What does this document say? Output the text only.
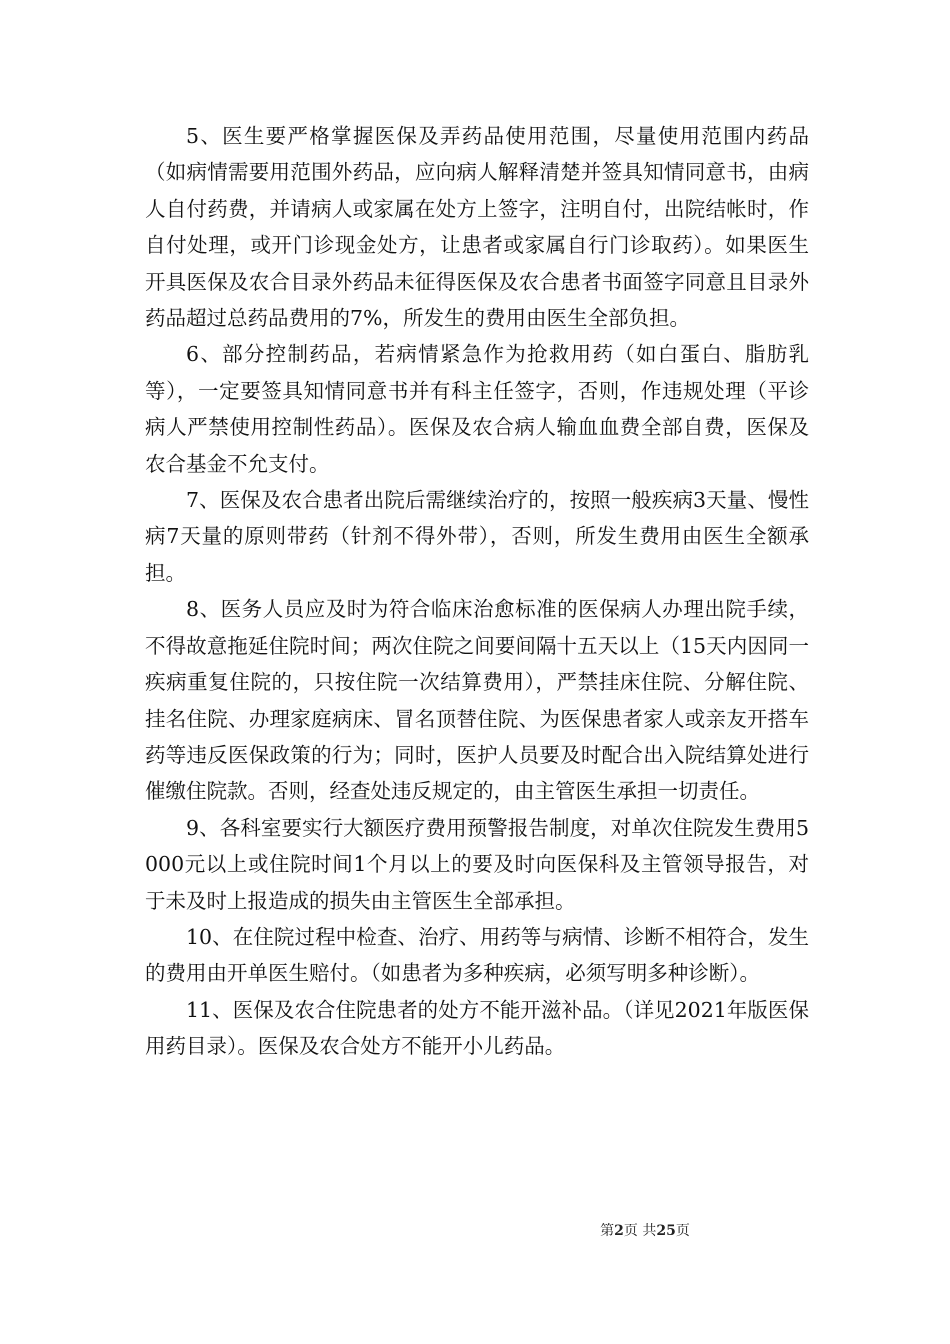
5、医生要严格掌握医保及弄药品使用范围，尽量使用范围内药品（如病情需要用范围外药品，应向病人解释清楚并签具知情同意书，由病人自付药费，并请病人或家属在处方上签字，注明自付，出院结帐时，作自付处理，或开门诊现金处方，让患者或家属自行门诊取药）。如果医生开具医保及农合目录外药品未征得医保及农合患者书面签字同意且目录外药品超过总药品费用的7%，所发生的费用由医生全部负担。

6、部分控制药品，若病情紧急作为抢救用药（如白蛋白、脂肪乳等），一定要签具知情同意书并有科主任签字，否则，作违规处理（平诊病人严禁使用控制性药品）。医保及农合病人输血血费全部自费，医保及农合基金不允支付。

7、医保及农合患者出院后需继续治疗的，按照一般疾病3天量、慢性病7天量的原则带药（针剂不得外带），否则，所发生费用由医生全额承担。

8、医务人员应及时为符合临床治愈标准的医保病人办理出院手续，不得故意拖延住院时间；两次住院之间要间隔十五天以上（15天内因同一疾病重复住院的，只按住院一次结算费用），严禁挂床住院、分解住院、挂名住院、办理家庭病床、冒名顶替住院、为医保患者家人或亲友开搭车药等违反医保政策的行为；同时，医护人员要及时配合出入院结算处进行催缴住院款。否则，经查处违反规定的，由主管医生承担一切责任。

9、各科室要实行大额医疗费用预警报告制度，对单次住院发生费用5000元以上或住院时间1个月以上的要及时向医保科及主管领导报告，对于未及时上报造成的损失由主管医生全部承担。

10、在住院过程中检查、治疗、用药等与病情、诊断不相符合，发生的费用由开单医生赔付。（如患者为多种疾病，必须写明多种诊断）。

11、医保及农合住院患者的处方不能开滋补品。（详见2021年版医保用药目录）。医保及农合处方不能开小儿药品。

第2页 共25页
